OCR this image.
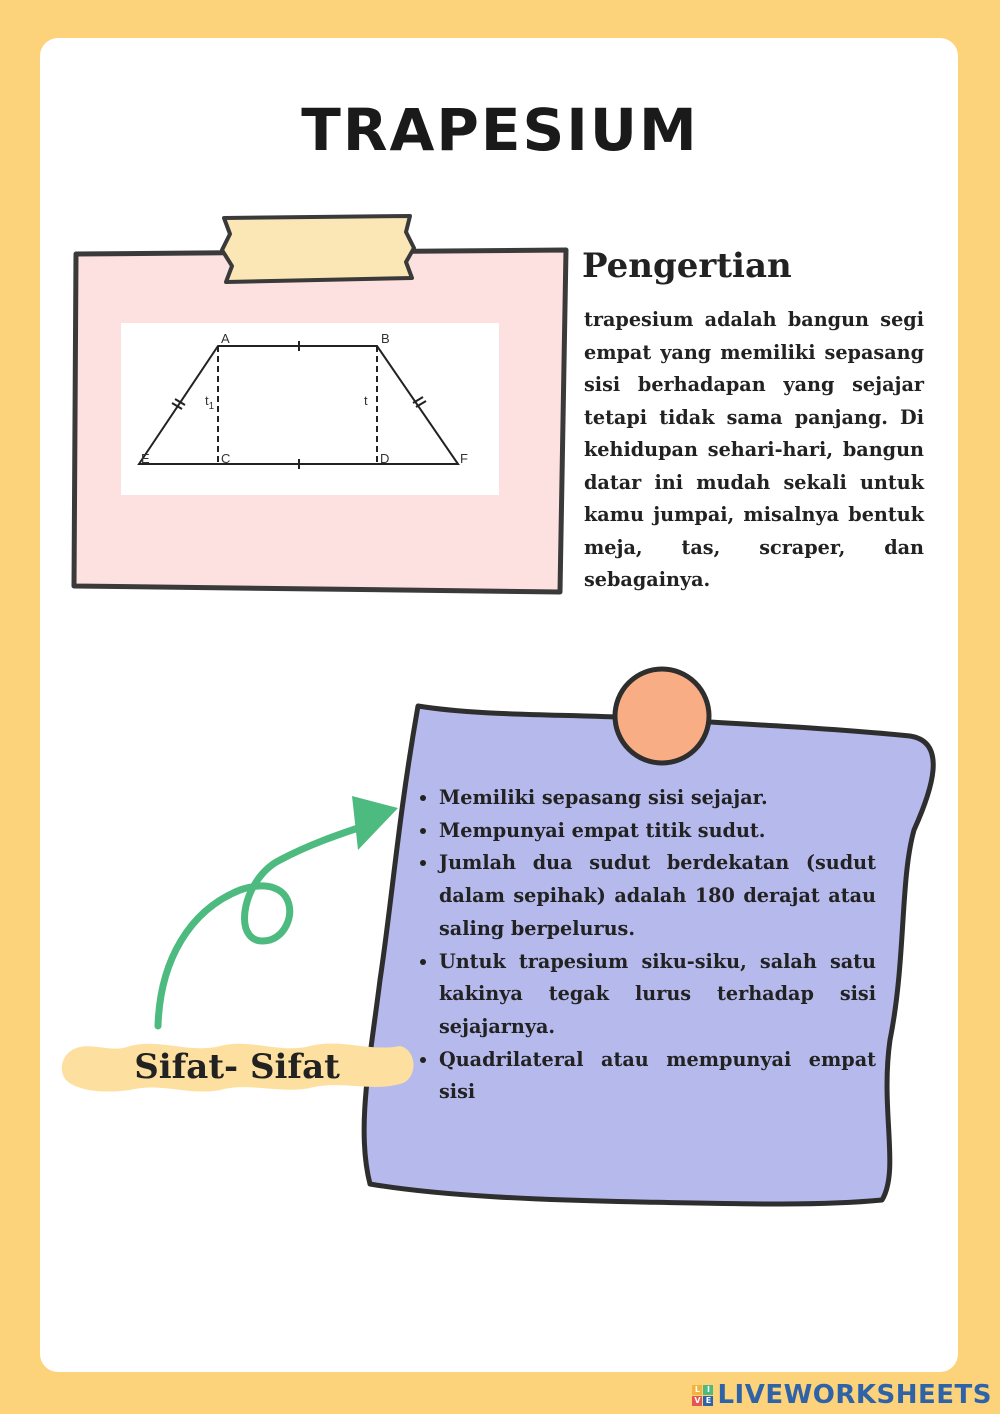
TRAPESIUM
A	B
C	D
E	F
$t_1$	t
Pengertian
trapesium adalah bangun segi empat yang memiliki sepasang sisi berhadapan yang sejajar tetapi tidak sama panjang. Di kehidupan sehari-hari, bangun datar ini mudah sekali untuk kamu jumpai, misalnya bentuk meja, tas, scraper, dan sebagainya.
• Memiliki sepasang sisi sejajar.
• Mempunyai empat titik sudut.
• Jumlah dua sudut berdekatan (sudut dalam sepihak) adalah 180 derajat atau saling berpelurus.
• Untuk trapesium siku-siku, salah satu kakinya tegak lurus terhadap sisi sejajarnya.
• Quadrilateral atau mempunyai empat sisi
Sifat- Sifat
L I
V E LIVEWORKSHEETS
